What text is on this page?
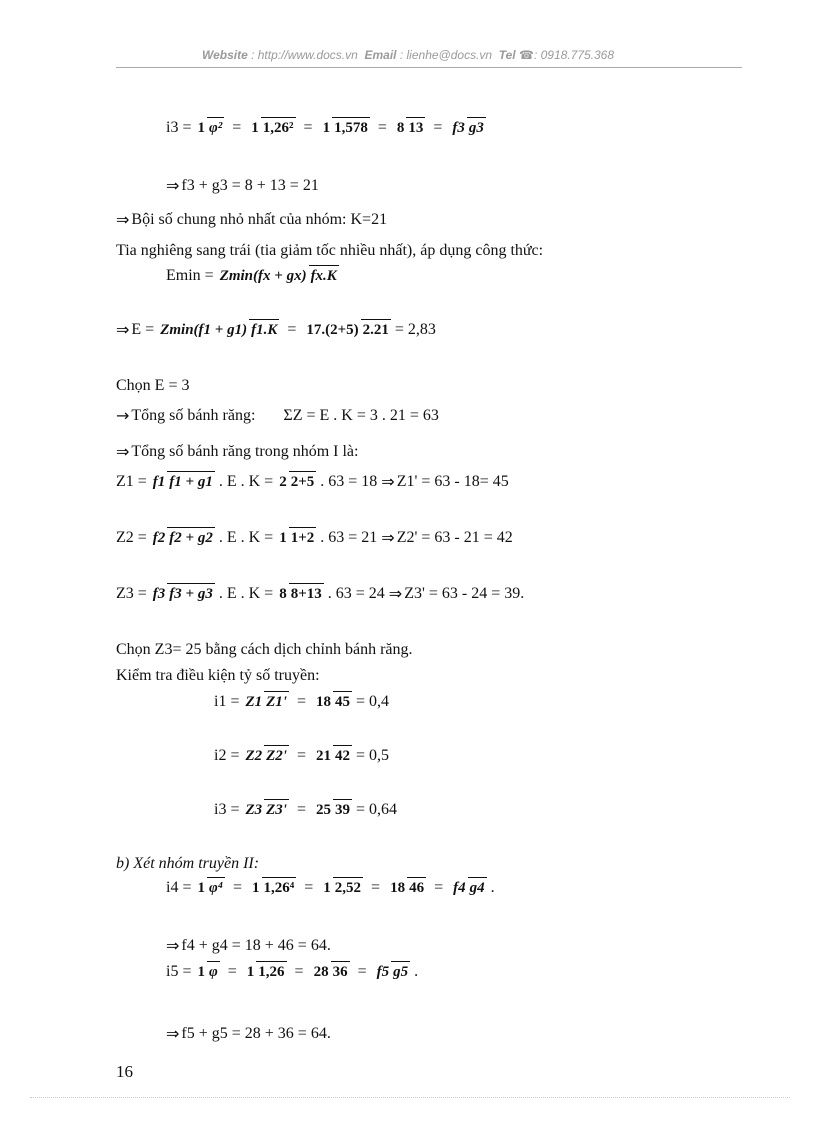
Website : http://www.docs.vn Email : lienhe@docs.vn Tel ☎: 0918.775.368
i3 = 1 φ² = 1 1,26² = 1 1,578 = 8 13 = f3 g3
⇒ f3 + g3 = 8 + 13 = 21
⇒ Bội số chung nhỏ nhất của nhóm: K=21
Tia nghiêng sang trái (tia giảm tốc nhiều nhất), áp dụng công thức:
Emin = Zmin(fx + gx) fx.K
⇒ E = Zmin(f1 + g1) f1.K = 17.(2+5) 2.21 = 2,83
Chọn E = 3
→ Tổng số bánh răng: Σ Z = E . K = 3 . 21 = 63
⇒ Tổng số bánh răng trong nhóm I là:
Z1 = f1 f1 + g1 . E . K = 2 2+5 . 63 = 18 ⇒ Z1' = 63 - 18= 45
Z2 = f2 f2 + g2 . E . K = 1 1+2 . 63 = 21 ⇒ Z2' = 63 - 21 = 42
Z3 = f3 f3 + g3 . E . K = 8 8+13 . 63 = 24 ⇒ Z3' = 63 - 24 = 39.
Chọn Z3= 25 bằng cách dịch chỉnh bánh răng.
Kiểm tra điều kiện tỷ số truyền:
i1 = Z1 Z1' = 18 45 = 0,4
i2 = Z2 Z2' = 21 42 = 0,5
i3 = Z3 Z3' = 25 39 = 0,64
b) Xét nhóm truyền II:
i4 = 1 φ⁴ = 1 1,26⁴ = 1 2,52 = 18 46 = f4 g4 .
⇒ f4 + g4 = 18 + 46 = 64.
i5 = 1 φ = 1 1,26 = 28 36 = f5 g5 .
⇒ f5 + g5 = 28 + 36 = 64.
16
